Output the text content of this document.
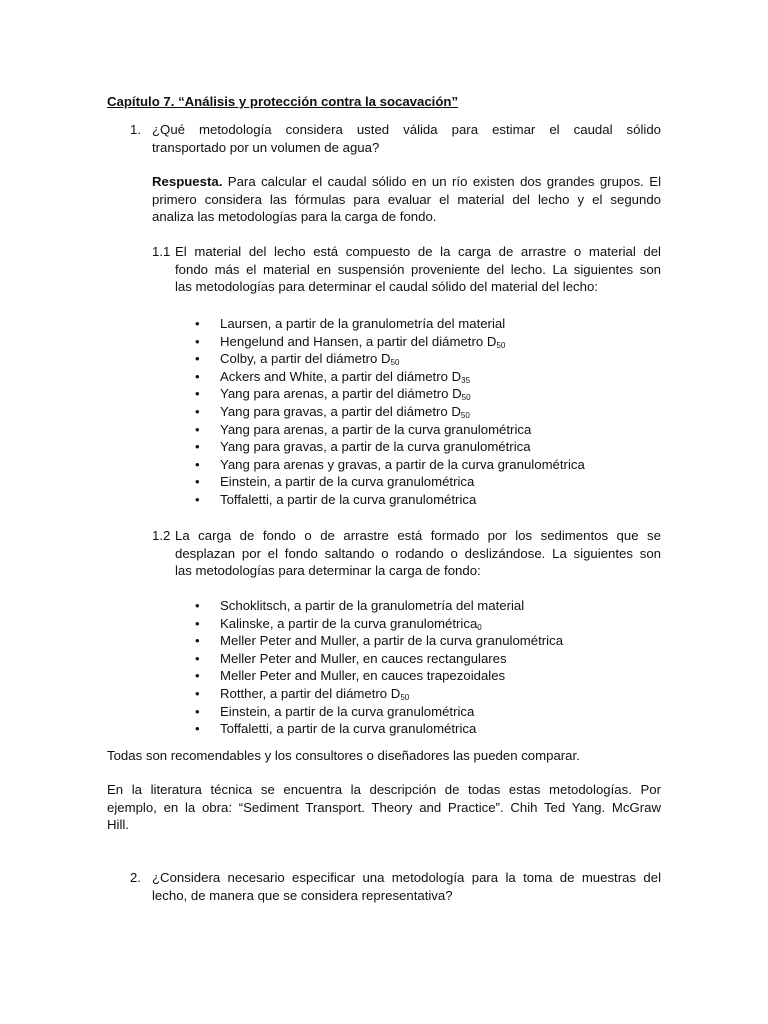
Capítulo 7. “Análisis y protección contra la socavación”
1. ¿Qué metodología considera usted válida para estimar el caudal sólido
transportado por un volumen de agua?
Respuesta. Para calcular el caudal sólido en un río existen dos grandes grupos. El
primero considera las fórmulas para evaluar el material del lecho y el segundo
analiza las metodologías para la carga de fondo.
1.1 El material del lecho está compuesto de la carga de arrastre o material del
fondo más el material en suspensión proveniente del lecho. La siguientes son
las metodologías para determinar el caudal sólido del material del lecho:
•	Laursen, a partir de la granulometría del material
•	Hengelund and Hansen, a partir del diámetro $D_{50}$
•	Colby, a partir del diámetro $D_{50}$
•	Ackers and White, a partir del diámetro $D_{35}$
•	Yang para arenas, a partir del diámetro $D_{50}$
•	Yang para gravas, a partir del diámetro $D_{50}$
•	Yang para arenas, a partir de la curva granulométrica
•	Yang para gravas, a partir de la curva granulométrica
•	Yang para arenas y gravas, a partir de la curva granulométrica
•	Einstein, a partir de la curva granulométrica
•	Toffaletti, a partir de la curva granulométrica
1.2 La carga de fondo o de arrastre está formado por los sedimentos que se
desplazan por el fondo saltando o rodando o deslizándose. La siguientes son
las metodologías para determinar la carga de fondo:
•	Schoklitsch, a partir de la granulometría del material
•	Kalinske, a partir de la curva granulométrica$_0$
•	Meller Peter and Muller, a partir de la curva granulométrica
•	Meller Peter and Muller, en cauces rectangulares
•	Meller Peter and Muller, en cauces trapezoidales
•	Rotther, a partir del diámetro $D_{50}$
•	Einstein, a partir de la curva granulométrica
•	Toffaletti, a partir de la curva granulométrica
Todas son recomendables y los consultores o diseñadores las pueden comparar.
En la literatura técnica se encuentra la descripción de todas estas metodologías. Por
ejemplo, en la obra: “Sediment Transport. Theory and Practice”. Chih Ted Yang. McGraw
Hill.
2. ¿Considera necesario especificar una metodología para la toma de muestras del
lecho, de manera que se considera representativa?
